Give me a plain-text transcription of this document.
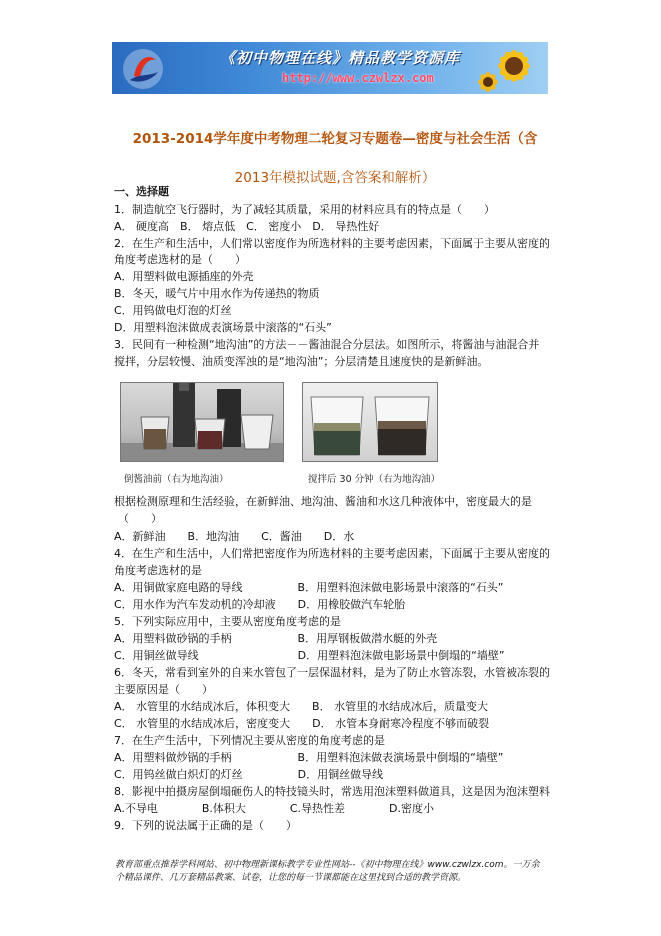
《初中物理在线》精品教学资源库
http://www.czwlzx.com
2013-2014学年度中考物理二轮复习专题卷—密度与社会生活（含
2013年模拟试题,含答案和解析）
一、选择题
1．制造航空飞行器时，为了减轻其质量，采用的材料应具有的特点是（　　）
A． 硬度高　B． 熔点低　C． 密度小　D． 导热性好
2．在生产和生活中，人们常以密度作为所选材料的主要考虑因素，下面属于主要从密度的
角度考虑选材的是（　　）
A．用塑料做电源插座的外壳
B．冬天，暖气片中用水作为传递热的物质
C．用钨做电灯泡的灯丝
D．用塑料泡沫做成表演场景中滚落的“石头”
3．民间有一种检测“地沟油”的方法－－酱油混合分层法。如图所示，将酱油与油混合并
搅拌，分层较慢、油质变浑浊的是“地沟油”；分层清楚且速度快的是新鲜油。
根据检测原理和生活经验，在新鲜油、地沟油、酱油和水这几种液体中，密度最大的是
（　　）
A．新鲜油　　B．地沟油　　C．酱油　　D．水
4．在生产和生活中，人们常把密度作为所选材料的主要考虑因素，下面属于主要从密度的
角度考虑选材的是
A．用铜做家庭电路的导线　　　　　B．用塑料泡沫做电影场景中滚落的“石头”
C．用水作为汽车发动机的冷却液　　D．用橡胶做汽车轮胎
5．下列实际应用中，主要从密度角度考虑的是
A．用塑料做砂锅的手柄　　　　　　B．用厚钢板做潜水艇的外壳
C．用铜丝做导线　　　　　　　　　D．用塑料泡沫做电影场景中倒塌的“墙壁”
6．冬天，常看到室外的自来水管包了一层保温材料，是为了防止水管冻裂，水管被冻裂的
主要原因是（　　）
A． 水管里的水结成冰后，体积变大　　B． 水管里的水结成冰后，质量变大
C． 水管里的水结成冰后，密度变大　　D． 水管本身耐寒冷程度不够而破裂
7．在生产生活中，下列情况主要从密度的角度考虑的是
A．用塑料做炒锅的手柄　　　　　　B．用塑料泡沫做表演场景中倒塌的“墙壁”
C．用钨丝做白炽灯的灯丝　　　　　D．用铜丝做导线
8．影视中拍摄房屋倒塌砸伤人的特技镜头时，常选用泡沫塑料做道具，这是因为泡沫塑料
A.不导电　　　　B.体积大　　　　C.导热性差　　　　D.密度小
9．下列的说法属于正确的是（　　）
倒酱油前（右为地沟油）	搅拌后 30 分钟（右为地沟油）
教育部重点推荐学科网站、初中物理新课标教学专业性网站--《初中物理在线》www.czwlzx.com。一万余
个精品课件、几万套精品教案、试卷，让您的每一节课都能在这里找到合适的教学资源。
